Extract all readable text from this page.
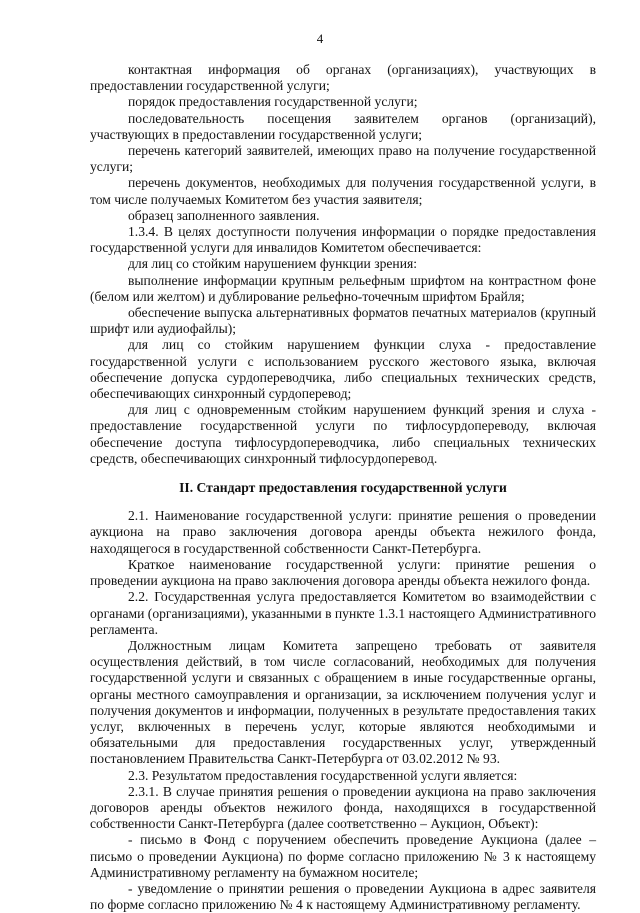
4

контактная информация об органах (организациях), участвующих в предоставлении государственной услуги;

порядок предоставления государственной услуги;

последовательность посещения заявителем органов (организаций), участвующих в предоставлении государственной услуги;

перечень категорий заявителей, имеющих право на получение государственной услуги;

перечень документов, необходимых для получения государственной услуги, в том числе получаемых Комитетом без участия заявителя;

образец заполненного заявления.

1.3.4. В целях доступности получения информации о порядке предоставления государственной услуги для инвалидов Комитетом обеспечивается:

для лиц со стойким нарушением функции зрения:

выполнение информации крупным рельефным шрифтом на контрастном фоне (белом или желтом) и дублирование рельефно-точечным шрифтом Брайля;

обеспечение выпуска альтернативных форматов печатных материалов (крупный шрифт или аудиофайлы);

для лиц со стойким нарушением функции слуха - предоставление государственной услуги с использованием русского жестового языка, включая обеспечение допуска сурдопереводчика, либо специальных технических средств, обеспечивающих синхронный сурдоперевод;

для лиц с одновременным стойким нарушением функций зрения и слуха - предоставление государственной услуги по тифлосурдопереводу, включая обеспечение доступа тифлосурдопереводчика, либо специальных технических средств, обеспечивающих синхронный тифлосурдоперевод.

II. Стандарт предоставления государственной услуги

2.1. Наименование государственной услуги: принятие решения о проведении аукциона на право заключения договора аренды объекта нежилого фонда, находящегося в государственной собственности Санкт-Петербурга.

Краткое наименование государственной услуги: принятие решения о проведении аукциона на право заключения договора аренды объекта нежилого фонда.

2.2. Государственная услуга предоставляется Комитетом во взаимодействии с органами (организациями), указанными в пункте 1.3.1 настоящего Административного регламента.

Должностным лицам Комитета запрещено требовать от заявителя осуществления действий, в том числе согласований, необходимых для получения государственной услуги и связанных с обращением в иные государственные органы, органы местного самоуправления и организации, за исключением получения услуг и получения документов и информации, полученных в результате предоставления таких услуг, включенных в перечень услуг, которые являются необходимыми и обязательными для предоставления государственных услуг, утвержденный постановлением Правительства Санкт-Петербурга от 03.02.2012 № 93.

2.3. Результатом предоставления государственной услуги является:

2.3.1. В случае принятия решения о проведении аукциона на право заключения договоров аренды объектов нежилого фонда, находящихся в государственной собственности Санкт-Петербурга (далее соответственно – Аукцион, Объект):

- письмо в Фонд с поручением обеспечить проведение Аукциона (далее – письмо о проведении Аукциона) по форме согласно приложению № 3 к настоящему Административному регламенту на бумажном носителе;

- уведомление о принятии решения о проведении Аукциона в адрес заявителя по форме согласно приложению № 4 к настоящему Административному регламенту.
